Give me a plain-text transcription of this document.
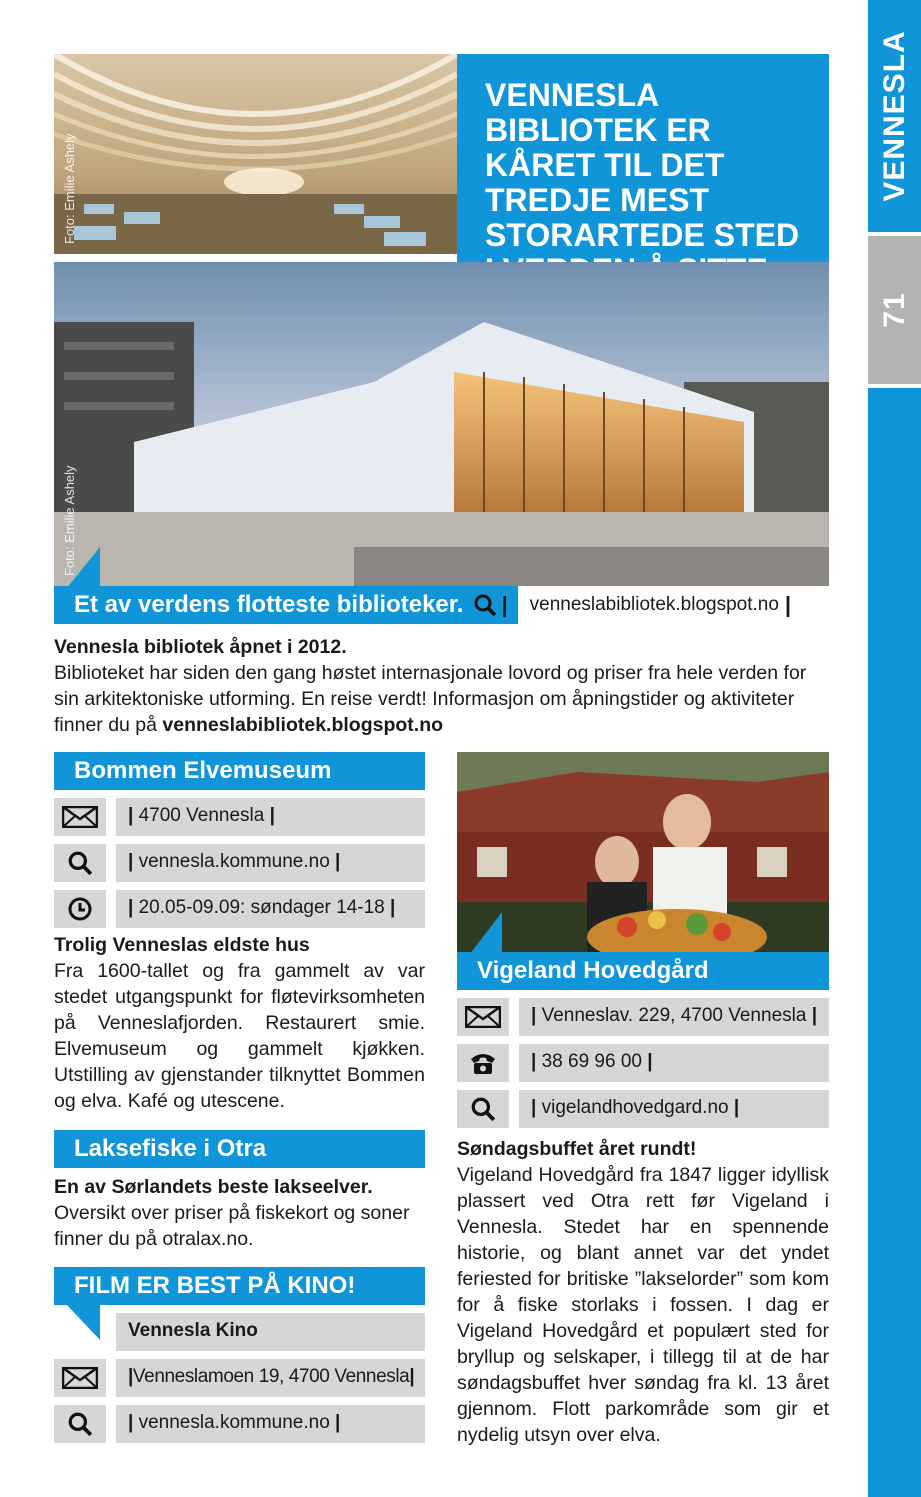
VENNESLA
71
Foto: Emilie Ashely
VENNESLA BIBLIOTEK ER KÅRET TIL DET TREDJE MEST STORARTEDE STED
Foto: Emilie Ashely
Et av verdens flotteste biblioteker. | venneslabibliotek.blogspot.no |
Vennesla bibliotek åpnet i 2012.
Biblioteket har siden den gang høstet internasjonale lovord og priser fra hele verden for sin arkitektoniske utforming. En reise verdt! Informasjon om åpningstider og aktiviteter finner du på venneslabibliotek.blogspot.no
Bommen Elvemuseum
| 4700 Vennesla |
| vennesla.kommune.no |
| 20.05-09.09: søndager 14-18 |
Trolig Venneslas eldste hus
Fra 1600-tallet og fra gammelt av var stedet utgangspunkt for fløtevirksomheten på Venneslafjorden. Restaurert smie. Elvemuseum og gammelt kjøkken. Utstilling av gjenstander tilknyttet Bommen og elva. Kafé og utescene.
Laksefiske i Otra
En av Sørlandets beste lakseelver.
Oversikt over priser på fiskekort og soner finner du på otralax.no.
FILM ER BEST PÅ KINO!
Vennesla Kino
|Venneslamoen 19, 4700 Vennesla|
| vennesla.kommune.no |
Vigeland Hovedgård
| Venneslav. 229, 4700 Vennesla |
| 38 69 96 00 |
| vigelandhovedgard.no |
Søndagsbuffet året rundt!
Vigeland Hovedgård fra 1847 ligger idyllisk plassert ved Otra rett før Vigeland i Vennesla. Stedet har en spennende historie, og blant annet var det yndet feriested for britiske ”lakselorder” som kom for å fiske storlaks i fossen. I dag er Vigeland Hovedgård et populært sted for bryllup og selskaper, i tillegg til at de har søndagsbuffet hver søndag fra kl. 13 året gjennom. Flott parkområde som gir et nydelig utsyn over elva.
